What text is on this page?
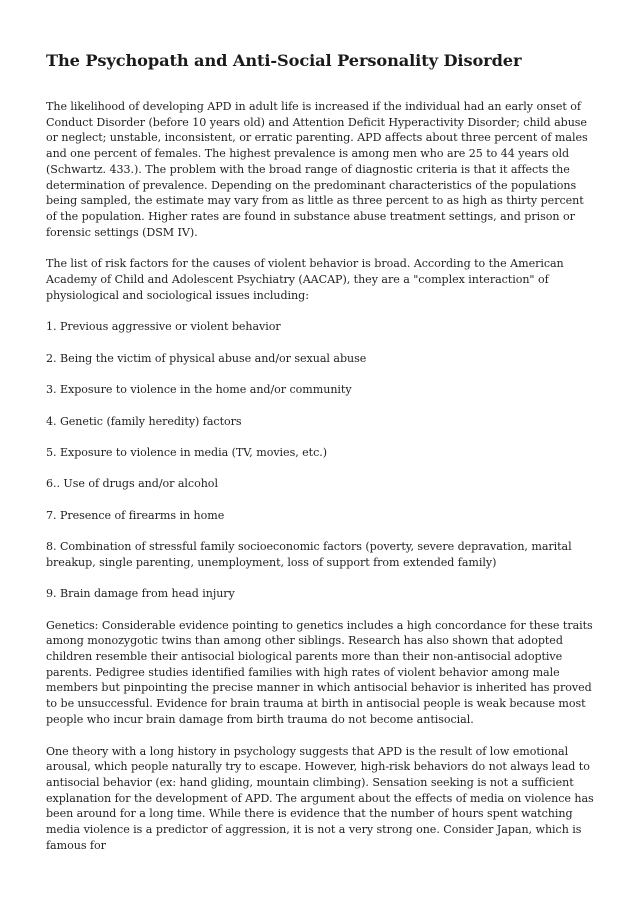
The Psychopath and Anti-Social Personality Disorder

The likelihood of developing APD in adult life is increased if the individual had an early onset of Conduct Disorder (before 10 years old) and Attention Deficit Hyperactivity Disorder; child abuse or neglect; unstable, inconsistent, or erratic parenting. APD affects about three percent of males and one percent of females. The highest prevalence is among men who are 25 to 44 years old (Schwartz. 433.). The problem with the broad range of diagnostic criteria is that it affects the determination of prevalence. Depending on the predominant characteristics of the populations being sampled, the estimate may vary from as little as three percent to as high as thirty percent of the population. Higher rates are found in substance abuse treatment settings, and prison or forensic settings (DSM IV).

The list of risk factors for the causes of violent behavior is broad. According to the American Academy of Child and Adolescent Psychiatry (AACAP), they are a "complex interaction" of physiological and sociological issues including:

1. Previous aggressive or violent behavior

2. Being the victim of physical abuse and/or sexual abuse

3. Exposure to violence in the home and/or community

4. Genetic (family heredity) factors

5. Exposure to violence in media (TV, movies, etc.)

6.. Use of drugs and/or alcohol

7. Presence of firearms in home

8. Combination of stressful family socioeconomic factors (poverty, severe depravation, marital breakup, single parenting, unemployment, loss of support from extended family)

9. Brain damage from head injury

Genetics: Considerable evidence pointing to genetics includes a high concordance for these traits among monozygotic twins than among other siblings. Research has also shown that adopted children resemble their antisocial biological parents more than their non-antisocial adoptive parents. Pedigree studies identified families with high rates of violent behavior among male members but pinpointing the precise manner in which antisocial behavior is inherited has proved to be unsuccessful. Evidence for brain trauma at birth in antisocial people is weak because most people who incur brain damage from birth trauma do not become antisocial.

One theory with a long history in psychology suggests that APD is the result of low emotional arousal, which people naturally try to escape. However, high-risk behaviors do not always lead to antisocial behavior (ex: hand gliding, mountain climbing). Sensation seeking is not a sufficient explanation for the development of APD. The argument about the effects of media on violence has been around for a long time. While there is evidence that the number of hours spent watching media violence is a predictor of aggression, it is not a very strong one. Consider Japan, which is famous for
